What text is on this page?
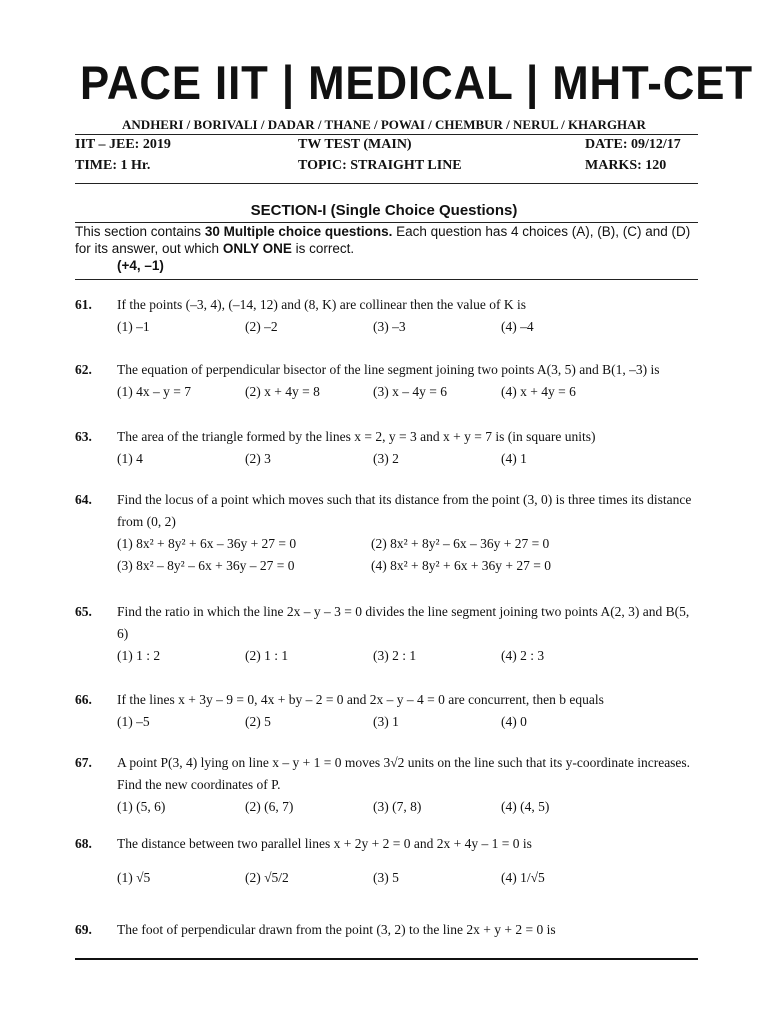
PACE IIT | MEDICAL | MHT-CET
ANDHERI / BORIVALI / DADAR / THANE / POWAI / CHEMBUR / NERUL / KHARGHAR
IIT – JEE: 2019	TW TEST (MAIN)	DATE: 09/12/17
TIME: 1 Hr.	TOPIC: STRAIGHT LINE	MARKS: 120
SECTION-I (Single Choice Questions)
This section contains 30 Multiple choice questions. Each question has 4 choices (A), (B), (C) and (D) for its answer, out which ONLY ONE is correct.
(+4, –1)
61. If the points (–3, 4), (–14, 12) and (8, K) are collinear then the value of K is
(1) –1	(2) –2	(3) –3	(4) –4
62. The equation of perpendicular bisector of the line segment joining two points A(3, 5) and B(1, –3) is
(1) 4x – y = 7	(2) x + 4y = 8	(3) x – 4y = 6	(4) x + 4y = 6
63. The area of the triangle formed by the lines x = 2, y = 3 and x + y = 7 is (in square units)
(1) 4	(2) 3	(3) 2	(4) 1
64. Find the locus of a point which moves such that its distance from the point (3, 0) is three times its distance from (0, 2)
(1) 8x² + 8y² + 6x – 36y + 27 = 0	(2) 8x² + 8y² – 6x – 36y + 27 = 0
(3) 8x² – 8y² – 6x + 36y – 27 = 0	(4) 8x² + 8y² + 6x + 36y + 27 = 0
65. Find the ratio in which the line 2x – y – 3 = 0 divides the line segment joining two points A(2, 3) and B(5, 6)
(1) 1 : 2	(2) 1 : 1	(3) 2 : 1	(4) 2 : 3
66. If the lines x + 3y – 9 = 0, 4x + by – 2 = 0 and 2x – y – 4 = 0 are concurrent, then b equals
(1) –5	(2) 5	(3) 1	(4) 0
67. A point P(3, 4) lying on line x – y + 1 = 0 moves 3√2 units on the line such that its y-coordinate increases. Find the new coordinates of P.
(1) (5, 6)	(2) (6, 7)	(3) (7, 8)	(4) (4, 5)
68. The distance between two parallel lines x + 2y + 2 = 0 and 2x + 4y – 1 = 0 is
(1) √5	(2) √5/2	(3) 5	(4) 1/√5
69. The foot of perpendicular drawn from the point (3, 2) to the line 2x + y + 2 = 0 is
